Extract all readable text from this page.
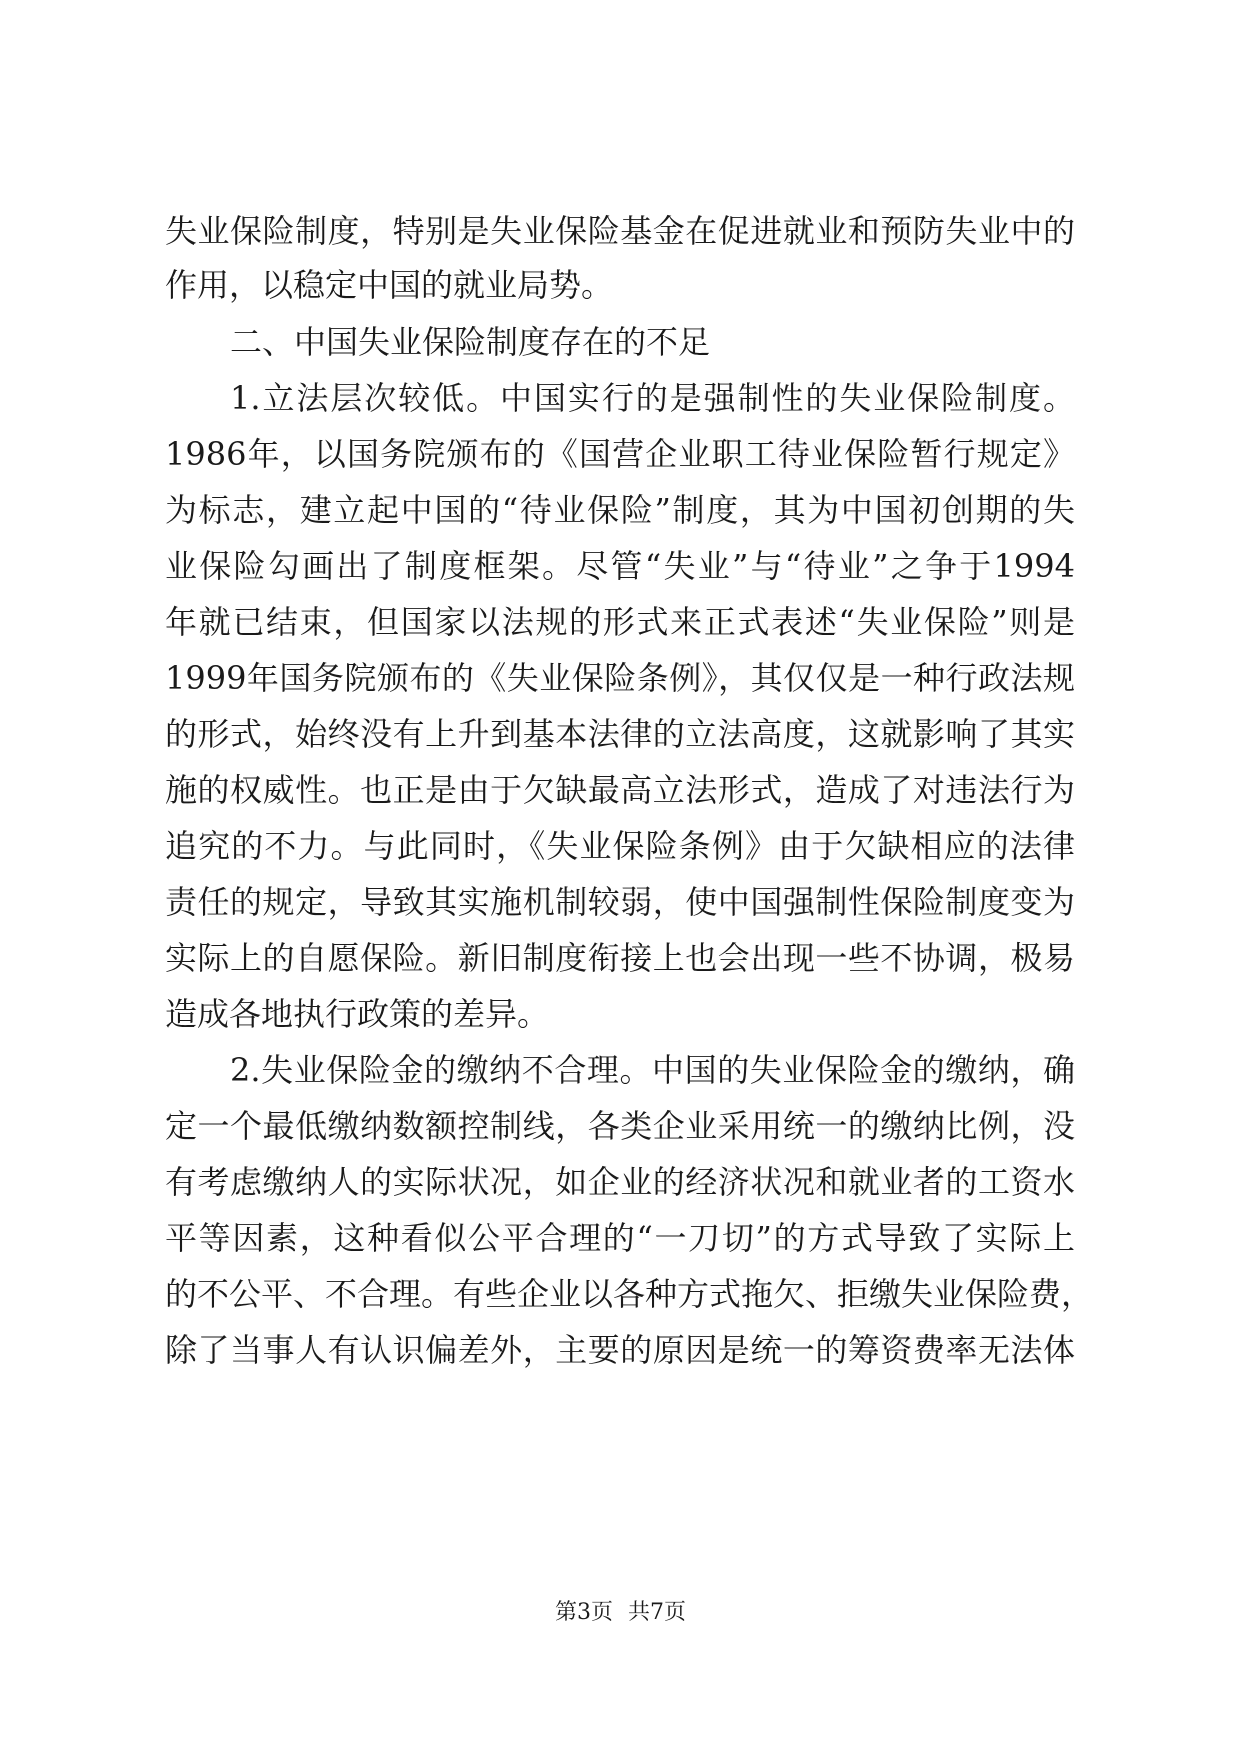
失业保险制度，特别是失业保险基金在促进就业和预防失业中的
作用，以稳定中国的就业局势。
二、中国失业保险制度存在的不足
1.立法层次较低。中国实行的是强制性的失业保险制度。
1986年，以国务院颁布的《国营企业职工待业保险暂行规定》
为标志，建立起中国的“待业保险”制度，其为中国初创期的失
业保险勾画出了制度框架。尽管“失业”与“待业”之争于1994
年就已结束，但国家以法规的形式来正式表述“失业保险”则是
1999年国务院颁布的《失业保险条例》，其仅仅是一种行政法规
的形式，始终没有上升到基本法律的立法高度，这就影响了其实
施的权威性。也正是由于欠缺最高立法形式，造成了对违法行为
追究的不力。与此同时，《失业保险条例》由于欠缺相应的法律
责任的规定，导致其实施机制较弱，使中国强制性保险制度变为
实际上的自愿保险。新旧制度衔接上也会出现一些不协调，极易
造成各地执行政策的差异。
2.失业保险金的缴纳不合理。中国的失业保险金的缴纳，确
定一个最低缴纳数额控制线，各类企业采用统一的缴纳比例，没
有考虑缴纳人的实际状况，如企业的经济状况和就业者的工资水
平等因素，这种看似公平合理的“一刀切”的方式导致了实际上
的不公平、不合理。有些企业以各种方式拖欠、拒缴失业保险费，
除了当事人有认识偏差外，主要的原因是统一的筹资费率无法体
第3页 共7页
